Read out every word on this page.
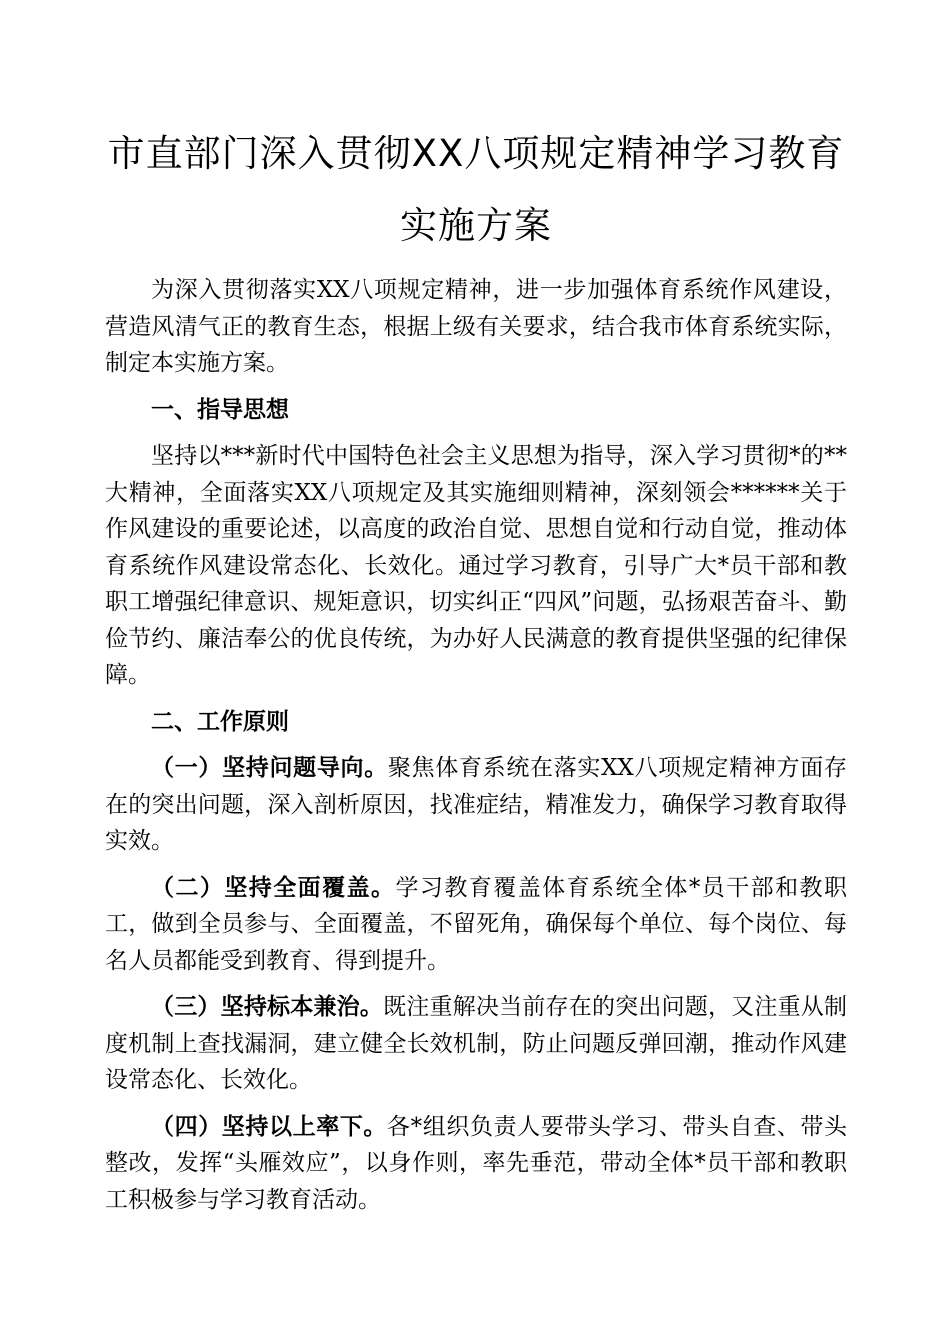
市直部门深入贯彻XX八项规定精神学习教育实施方案

为深入贯彻落实XX八项规定精神，进一步加强体育系统作风建设，营造风清气正的教育生态，根据上级有关要求，结合我市体育系统实际，制定本实施方案。

一、指导思想

坚持以***新时代中国特色社会主义思想为指导，深入学习贯彻*的**大精神，全面落实XX八项规定及其实施细则精神，深刻领会******关于作风建设的重要论述，以高度的政治自觉、思想自觉和行动自觉，推动体育系统作风建设常态化、长效化。通过学习教育，引导广大*员干部和教职工增强纪律意识、规矩意识，切实纠正“四风”问题，弘扬艰苦奋斗、勤俭节约、廉洁奉公的优良传统，为办好人民满意的教育提供坚强的纪律保障。

二、工作原则

（一）坚持问题导向。聚焦体育系统在落实XX八项规定精神方面存在的突出问题，深入剖析原因，找准症结，精准发力，确保学习教育取得实效。

（二）坚持全面覆盖。学习教育覆盖体育系统全体*员干部和教职工，做到全员参与、全面覆盖，不留死角，确保每个单位、每个岗位、每名人员都能受到教育、得到提升。

（三）坚持标本兼治。既注重解决当前存在的突出问题，又注重从制度机制上查找漏洞，建立健全长效机制，防止问题反弹回潮，推动作风建设常态化、长效化。

（四）坚持以上率下。各*组织负责人要带头学习、带头自查、带头整改，发挥“头雁效应”，以身作则，率先垂范，带动全体*员干部和教职工积极参与学习教育活动。
